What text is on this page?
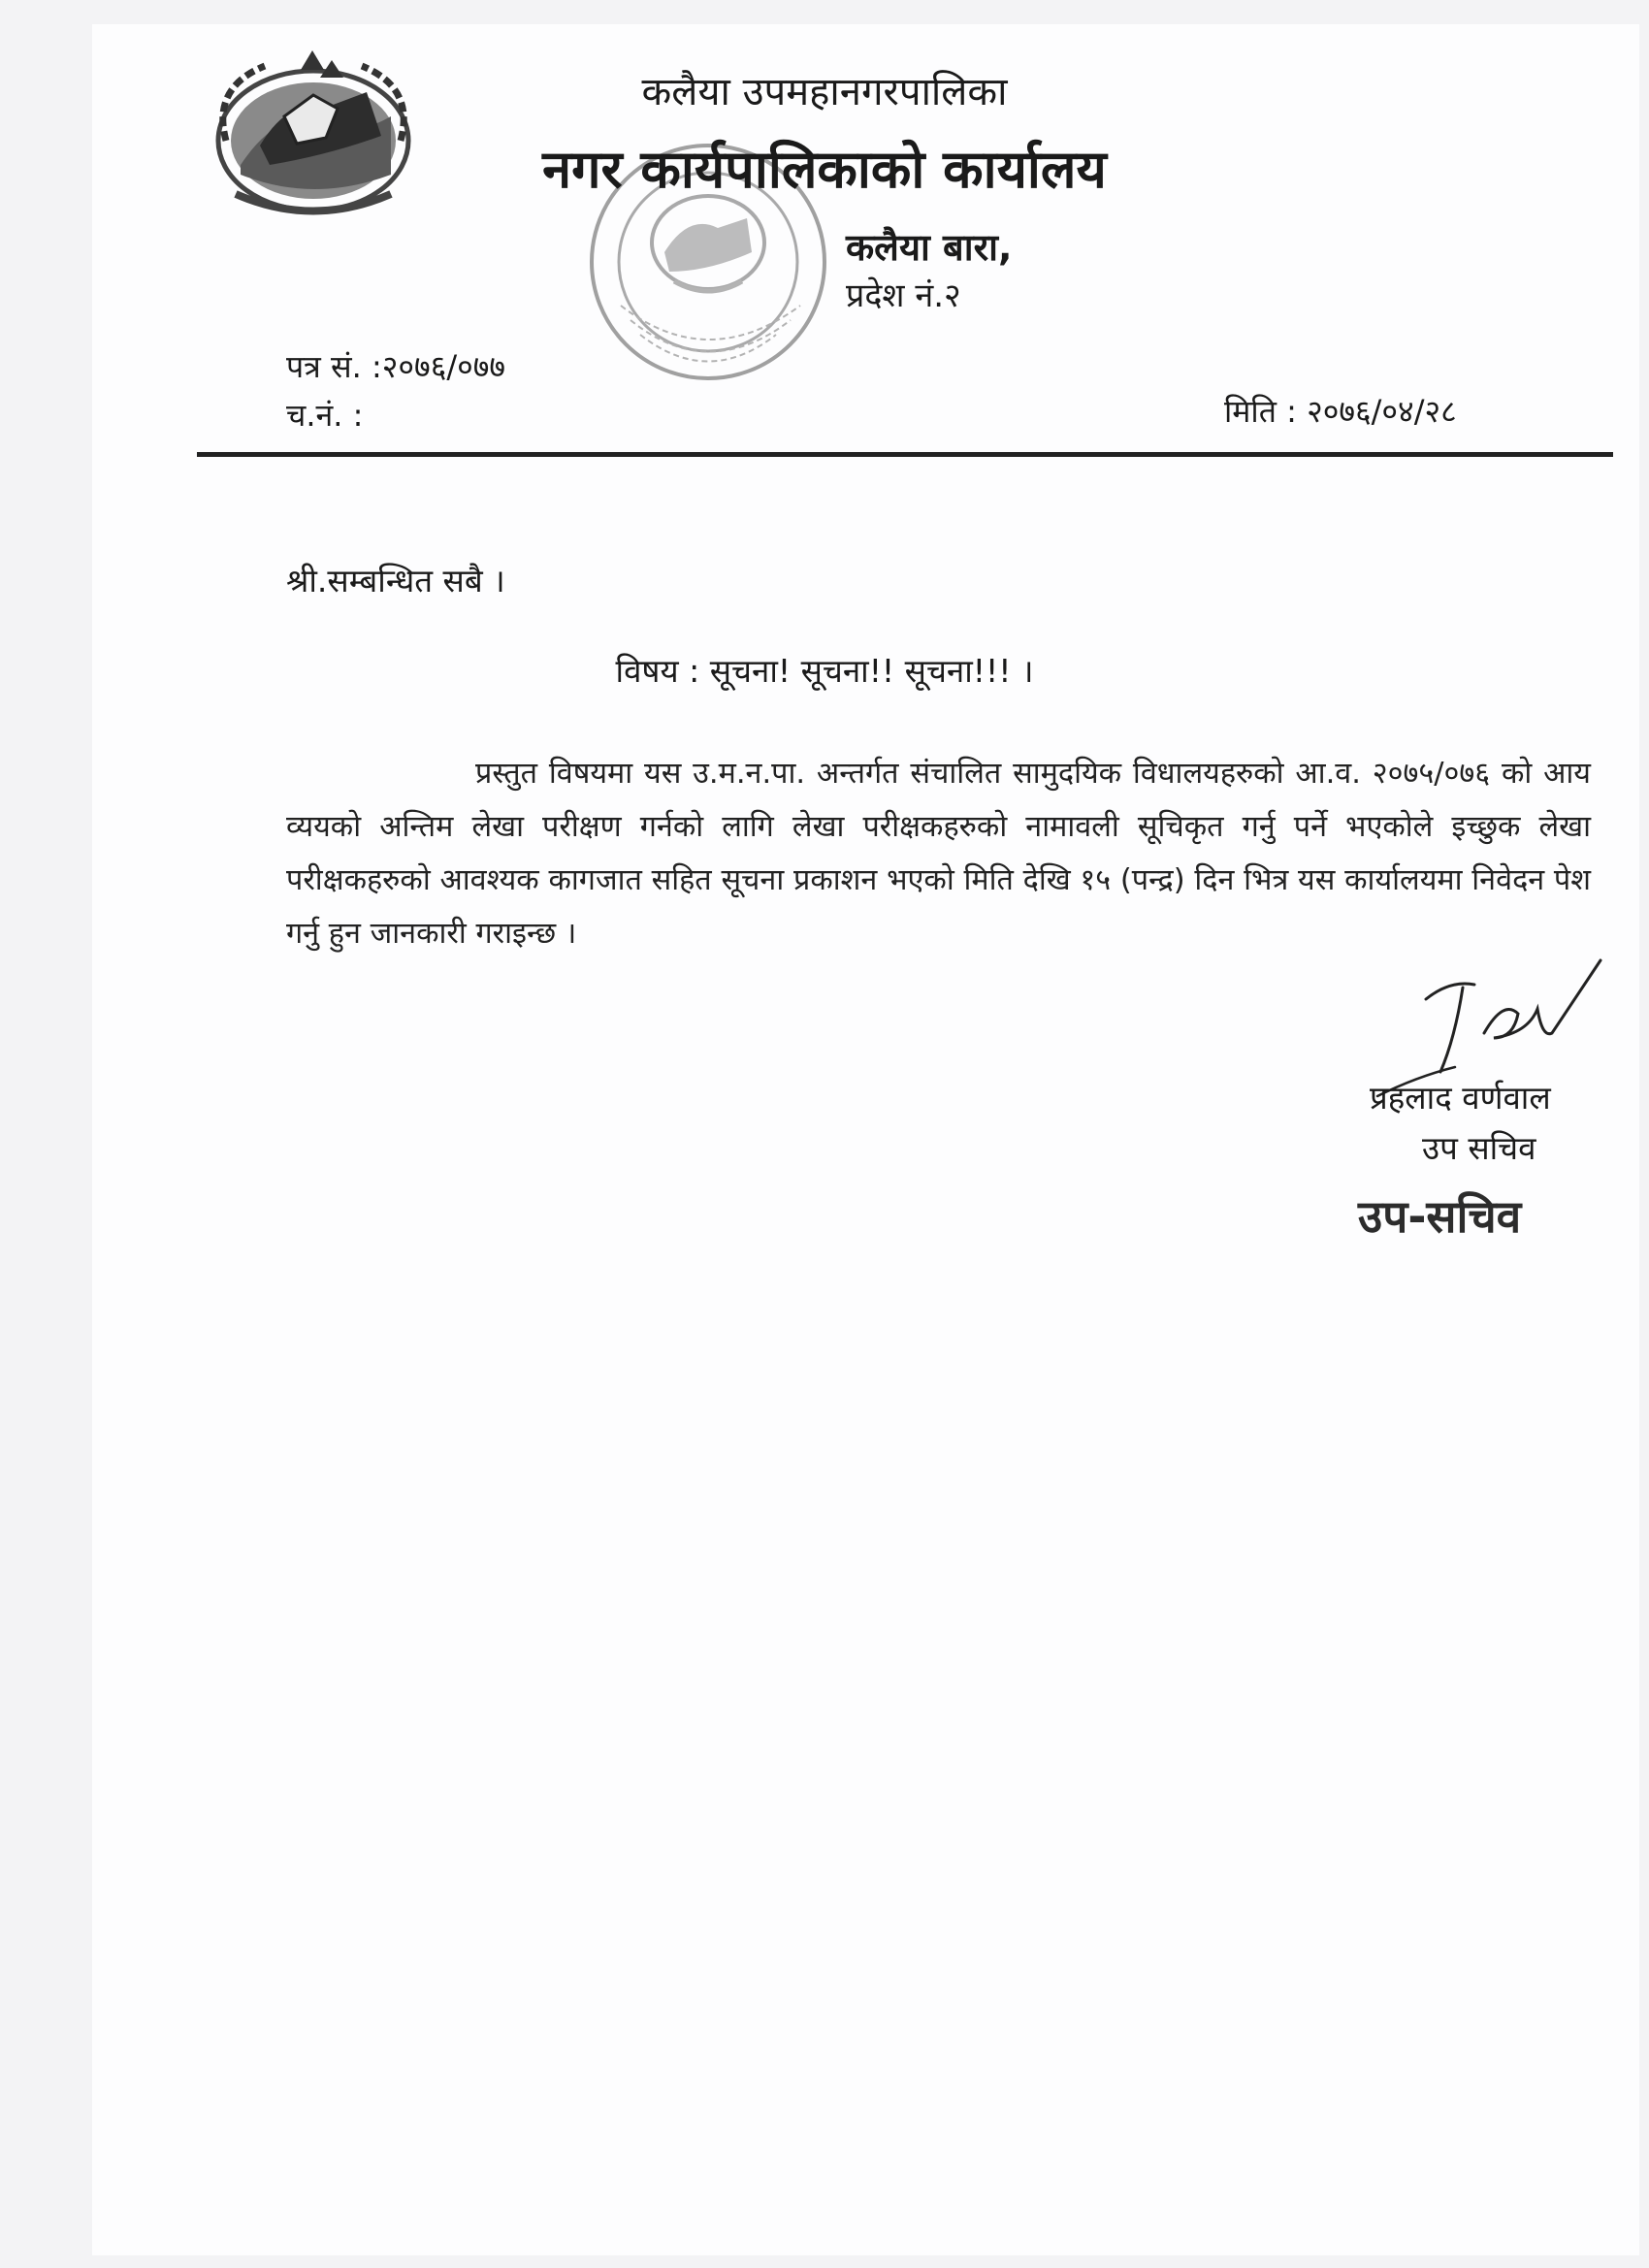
कलैया उपमहानगरपालिका
नगर कार्यपालिकाको कार्यालय
कलैया बारा,
प्रदेश नं.२
पत्र सं. :२०७६/०७७
च.नं. :	मिति : २०७६/०४/२८
श्री.सम्बन्धित सबै ।
विषय : सूचना! सूचना!! सूचना!!! ।
प्रस्तुत विषयमा यस उ.म.न.पा. अन्तर्गत संचालित सामुदयिक विधालयहरुको आ.व. २०७५/०७६ को आय व्ययको अन्तिम लेखा परीक्षण गर्नको लागि लेखा परीक्षकहरुको नामावली सूचिकृत गर्नु पर्ने भएकोले इच्छुक लेखा परीक्षकहरुको आवश्यक कागजात सहित सूचना प्रकाशन भएको मिति देखि १५ (पन्द्र) दिन भित्र यस कार्यालयमा निवेदन पेश गर्नु हुन जानकारी गराइन्छ ।
प्रहलाद वर्णवाल
उप सचिव
उप-सचिव
